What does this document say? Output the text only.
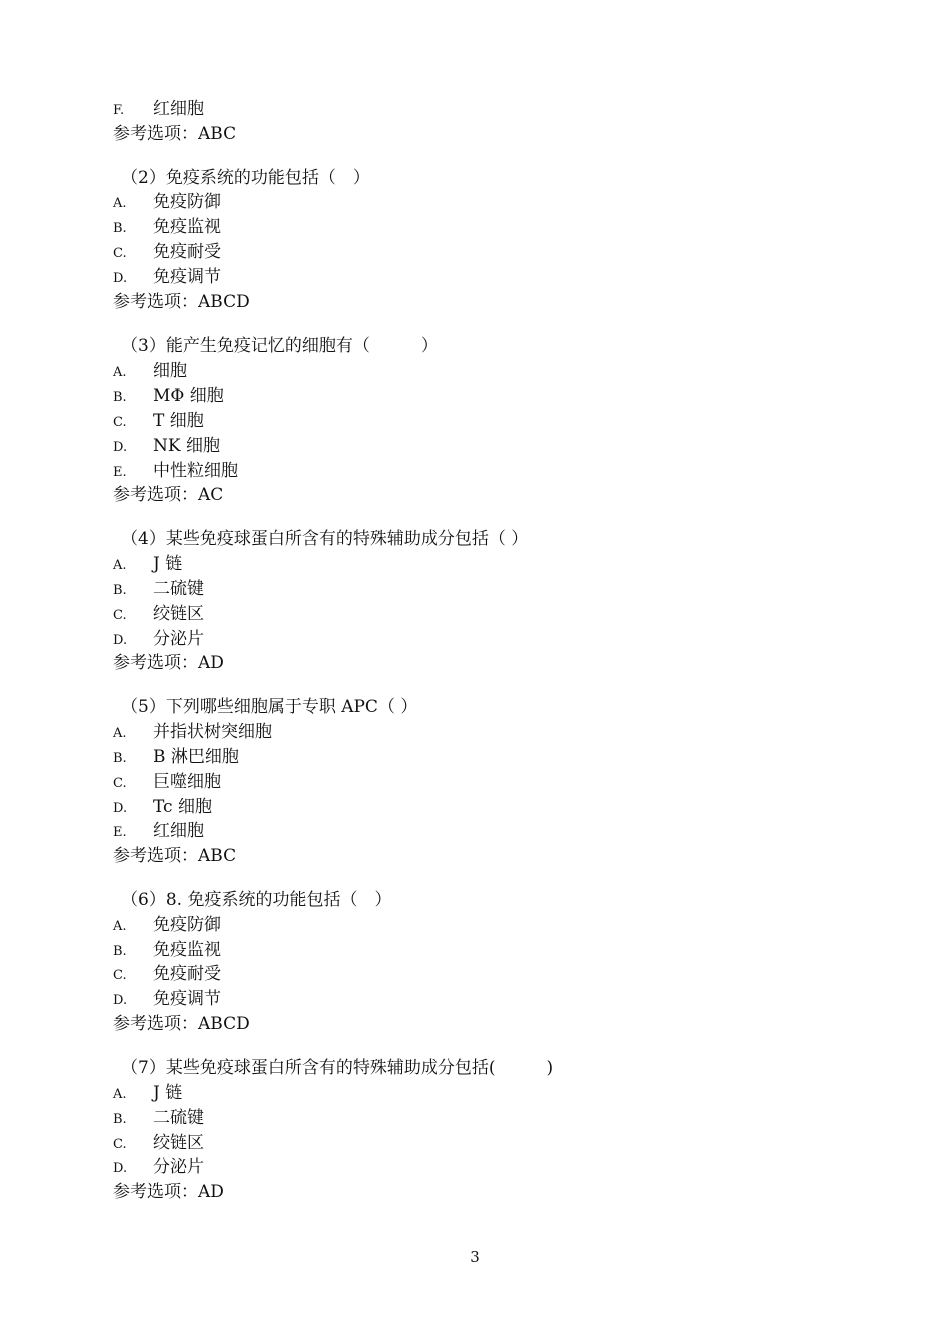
F. 红细胞
参考选项：ABC
（2）免疫系统的功能包括（　）
A. 免疫防御
B. 免疫监视
C. 免疫耐受
D. 免疫调节
参考选项：ABCD
（3）能产生免疫记忆的细胞有（　　　）
A. 细胞
B. MΦ 细胞
C. T 细胞
D. NK 细胞
E. 中性粒细胞
参考选项：AC
（4）某些免疫球蛋白所含有的特殊辅助成分包括（ ）
A. J 链
B. 二硫键
C. 绞链区
D. 分泌片
参考选项：AD
（5）下列哪些细胞属于专职 APC（ ）
A. 并指状树突细胞
B. B 淋巴细胞
C. 巨噬细胞
D. Tc 细胞
E. 红细胞
参考选项：ABC
（6）8. 免疫系统的功能包括（　）
A. 免疫防御
B. 免疫监视
C. 免疫耐受
D. 免疫调节
参考选项：ABCD
（7）某些免疫球蛋白所含有的特殊辅助成分包括(　　　)
A. J 链
B. 二硫键
C. 绞链区
D. 分泌片
参考选项：AD
3
